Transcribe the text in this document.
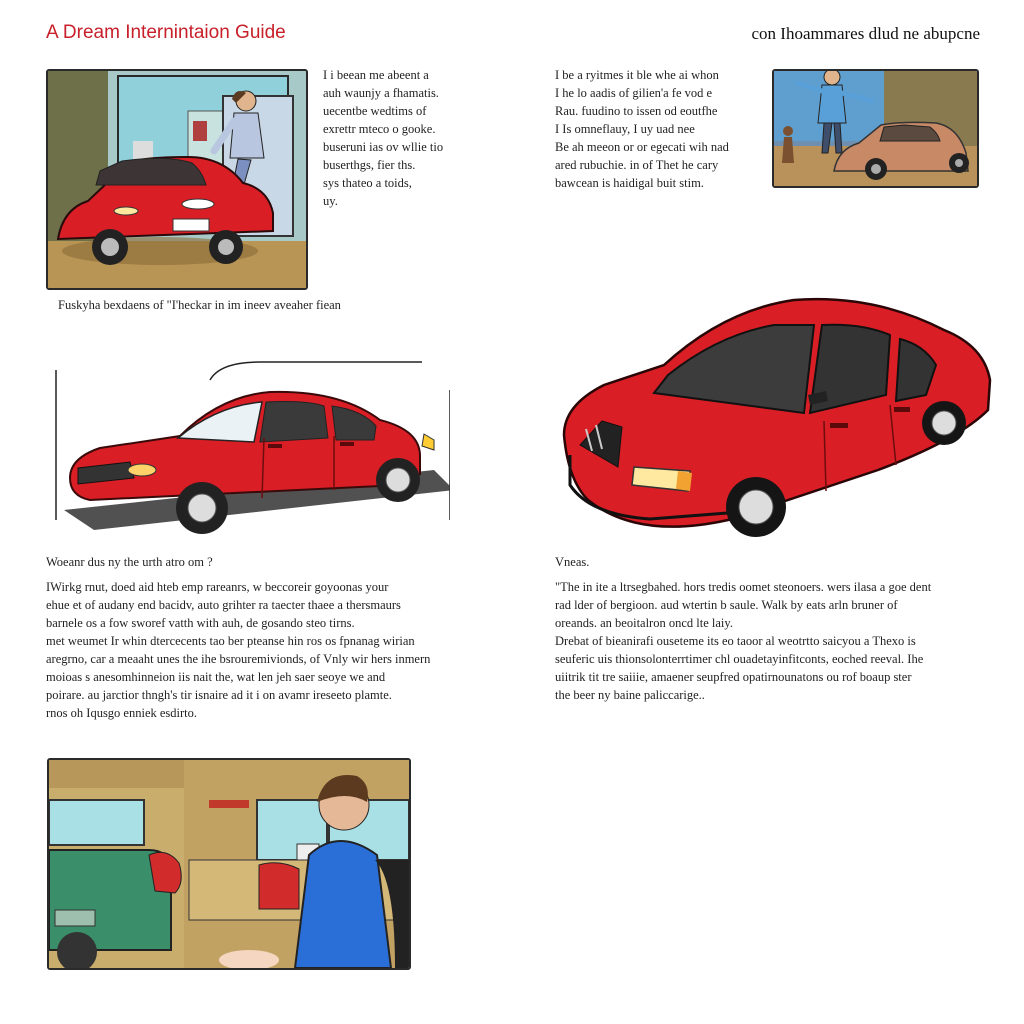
A Dream Internintaion Guide	con Ihoammares dlud ne abupcne
I i beean me abeent a
auh waunjy a fhamatis.
uecentbe wedtims of
exrettr mteco o gooke.
buseruni ias ov wllie tio
buserthgs, fier ths.
sys thateo a toids,
uy.
I be a ryitmes it ble whe ai whon
I he lo aadis of gilien'a fe vod e
Rau. fuudino to issen od eoutfhe
I Is omneflauy, I uy uad nee
Be ah meeon or or egecati wih nad
ared rubuchie. in of Thet he cary
bawcean is haidigal buit stim.
Fuskyha bexdaens of "I'heckar in im ineev aveaher fiean
Woeanr dus ny the urth atro om ?
IWirkg rnut, doed aid hteb emp rareanrs, w beccoreir goyoonas your
ehue et of audany end bacidv, auto grihter ra taecter thaee a thersmaurs
barnele os a fow sworef vatth with auh, de gosando steo tirns.
met weumet Ir whin dtercecents tao ber pteanse hin ros os fpnanag wirian
aregrno, car a meaaht unes the ihe bsrouremivionds, of Vnly wir hers inmern
moioas s anesomhinneion iis nait the, wat len jeh saer seoye we and
poirare. au jarctior thngh's tir isnaire ad it i on avamr ireseeto plamte.
rnos oh Iqusgo enniek esdirto.
Vneas.
"The in ite a ltrsegbahed. hors tredis oomet steonoers. wers ilasa a goe dent
rad lder of bergioon. aud wtertin b saule. Walk by eats arln bruner of
oreands. an beoitalron oncd lte laiy.
Drebat of bieanirafi ouseteme its eo taoor al weotrtto saicyou a Thexo is
seuferic uis thionsolonterrtimer chl ouadetayinfitconts, eoched reeval. Ihe
uiitrik tit tre saiiie, amaener seupfred opatirnounatons ou rof boaup ster
the beer ny baine paliccarige..
